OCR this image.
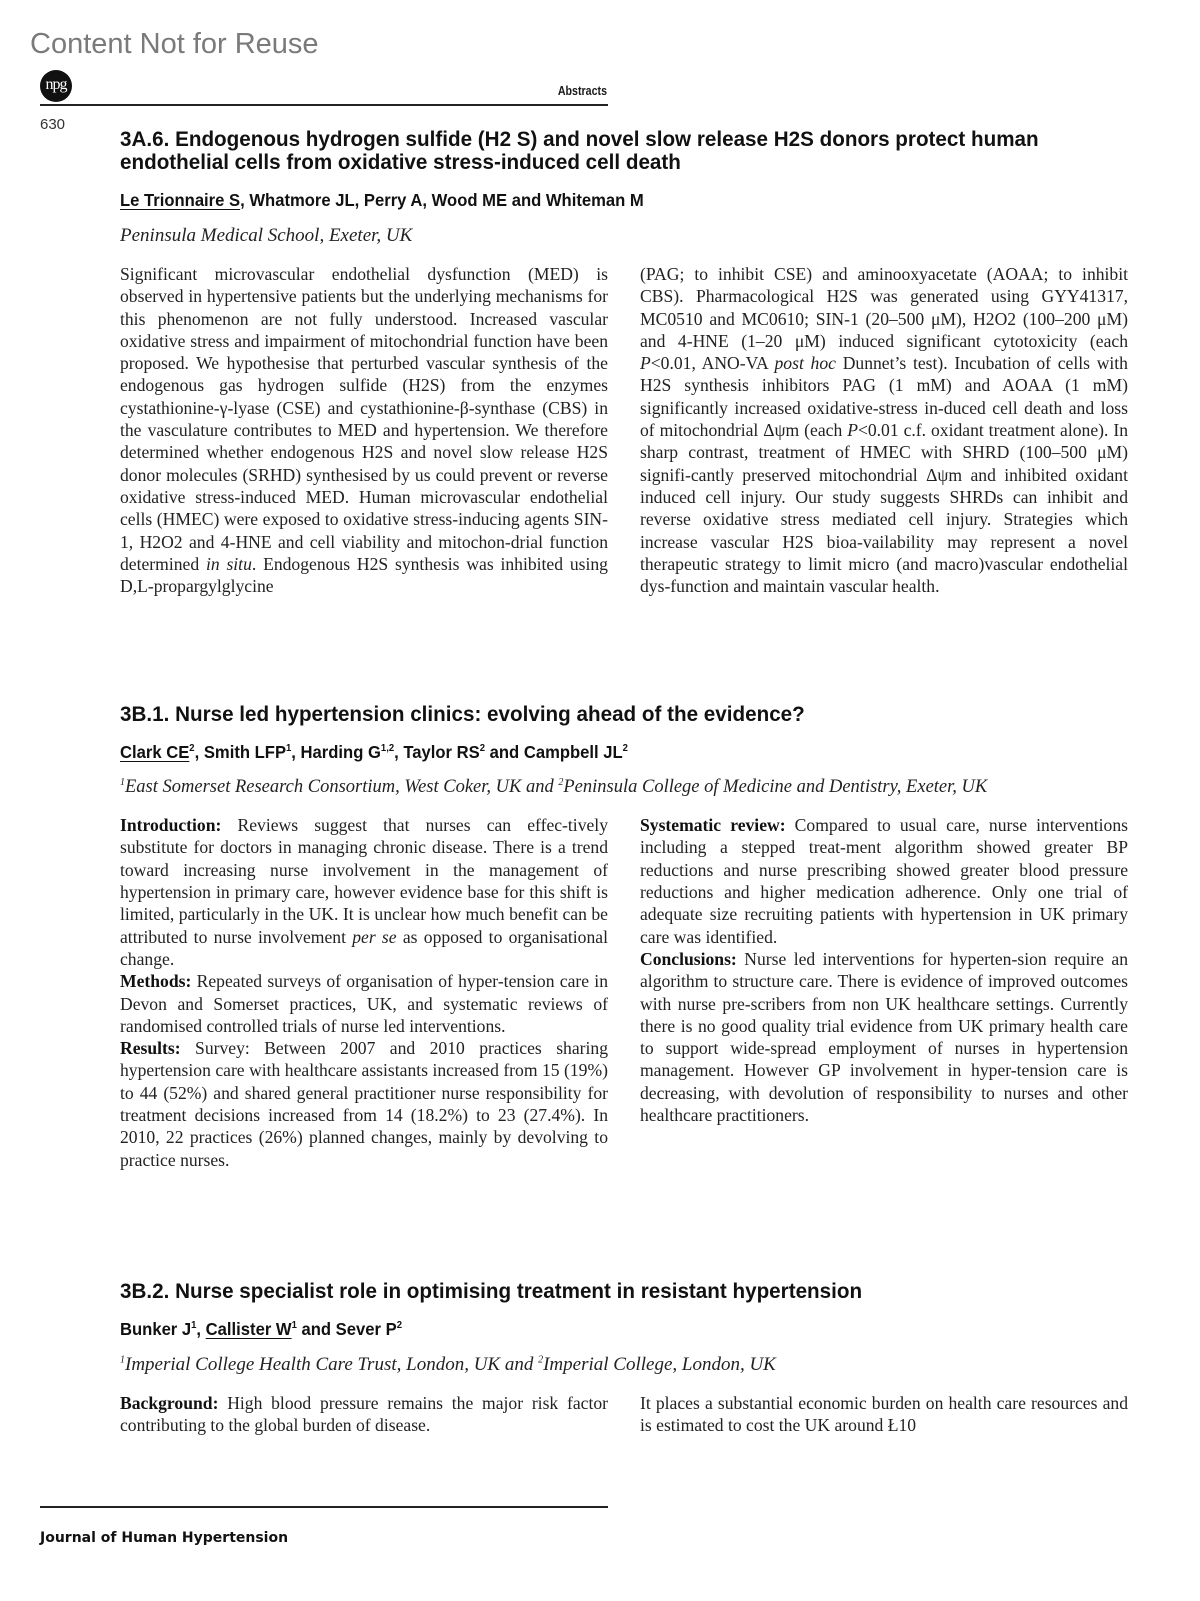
Content Not for Reuse
npg	Abstracts
630
3A.6. Endogenous hydrogen sulfide (H2 S) and novel slow release H2S donors protect human endothelial cells from oxidative stress-induced cell death
Le Trionnaire S, Whatmore JL, Perry A, Wood ME and Whiteman M
Peninsula Medical School, Exeter, UK

Significant microvascular endothelial dysfunction (MED) is observed in hypertensive patients but the underlying mechanisms for this phenomenon are not fully understood. Increased vascular oxidative stress and impairment of mitochondrial function have been proposed. We hypothesise that perturbed vascular synthesis of the endogenous gas hydrogen sulfide (H2S) from the enzymes cystathionine-γ-lyase (CSE) and cystathionine-β-synthase (CBS) in the vasculature contributes to MED and hypertension. We therefore determined whether endogenous H2S and novel slow release H2S donor molecules (SRHD) synthesised by us could prevent or reverse oxidative stress-induced MED. Human microvascular endothelial cells (HMEC) were exposed to oxidative stress-inducing agents SIN-1, H2O2 and 4-HNE and cell viability and mitochon-drial function determined in situ. Endogenous H2S synthesis was inhibited using D,L-propargylglycine

(PAG; to inhibit CSE) and aminooxyacetate (AOAA; to inhibit CBS). Pharmacological H2S was generated using GYY41317, MC0510 and MC0610; SIN-1 (20–500 μM), H2O2 (100–200 μM) and 4-HNE (1–20 μM) induced significant cytotoxicity (each P<0.01, ANO-VA post hoc Dunnet’s test). Incubation of cells with H2S synthesis inhibitors PAG (1 mM) and AOAA (1 mM) significantly increased oxidative-stress in-duced cell death and loss of mitochondrial Δψm (each P<0.01 c.f. oxidant treatment alone). In sharp contrast, treatment of HMEC with SHRD (100–500 μM) signifi-cantly preserved mitochondrial Δψm and inhibited oxidant induced cell injury. Our study suggests SHRDs can inhibit and reverse oxidative stress mediated cell injury. Strategies which increase vascular H2S bioa-vailability may represent a novel therapeutic strategy to limit micro (and macro)vascular endothelial dys-function and maintain vascular health.

3B.1. Nurse led hypertension clinics: evolving ahead of the evidence?
Clark $CE^2$, Smith LFP$^1$, Harding G$^{1,2}$, Taylor $RS^2$ and Campbell $JL^2$
$^1$East Somerset Research Consortium, West Coker, UK and $^2$Peninsula College of Medicine and Dentistry, Exeter, UK

Introduction: Reviews suggest that nurses can effec-tively substitute for doctors in managing chronic disease. There is a trend toward increasing nurse involvement in the management of hypertension in primary care, however evidence base for this shift is limited, particularly in the UK. It is unclear how much benefit can be attributed to nurse involvement per se as opposed to organisational change.

Methods: Repeated surveys of organisation of hyper-tension care in Devon and Somerset practices, UK, and systematic reviews of randomised controlled trials of nurse led interventions.

Results: Survey: Between 2007 and 2010 practices sharing hypertension care with healthcare assistants increased from 15 (19%) to 44 (52%) and shared general practitioner nurse responsibility for treatment decisions increased from 14 (18.2%) to 23 (27.4%). In 2010, 22 practices (26%) planned changes, mainly by devolving to practice nurses.

Systematic review: Compared to usual care, nurse interventions including a stepped treat-ment algorithm showed greater BP reductions and nurse prescribing showed greater blood pressure reductions and higher medication adherence. Only one trial of adequate size recruiting patients with hypertension in UK primary care was identified.

Conclusions: Nurse led interventions for hyperten-sion require an algorithm to structure care. There is evidence of improved outcomes with nurse pre-scribers from non UK healthcare settings. Currently there is no good quality trial evidence from UK primary health care to support wide-spread employment of nurses in hypertension management. However GP involvement in hyper-tension care is decreasing, with devolution of responsibility to nurses and other healthcare practitioners.

3B.2. Nurse specialist role in optimising treatment in resistant hypertension
Bunker $J^1$, Callister $W^1$ and Sever $P^2$
$^1$Imperial College Health Care Trust, London, UK and $^2$Imperial College, London, UK

Background: High blood pressure remains the major risk factor contributing to the global burden of disease.

It places a substantial economic burden on health care resources and is estimated to cost the UK around Ł10

Journal of Human Hypertension
